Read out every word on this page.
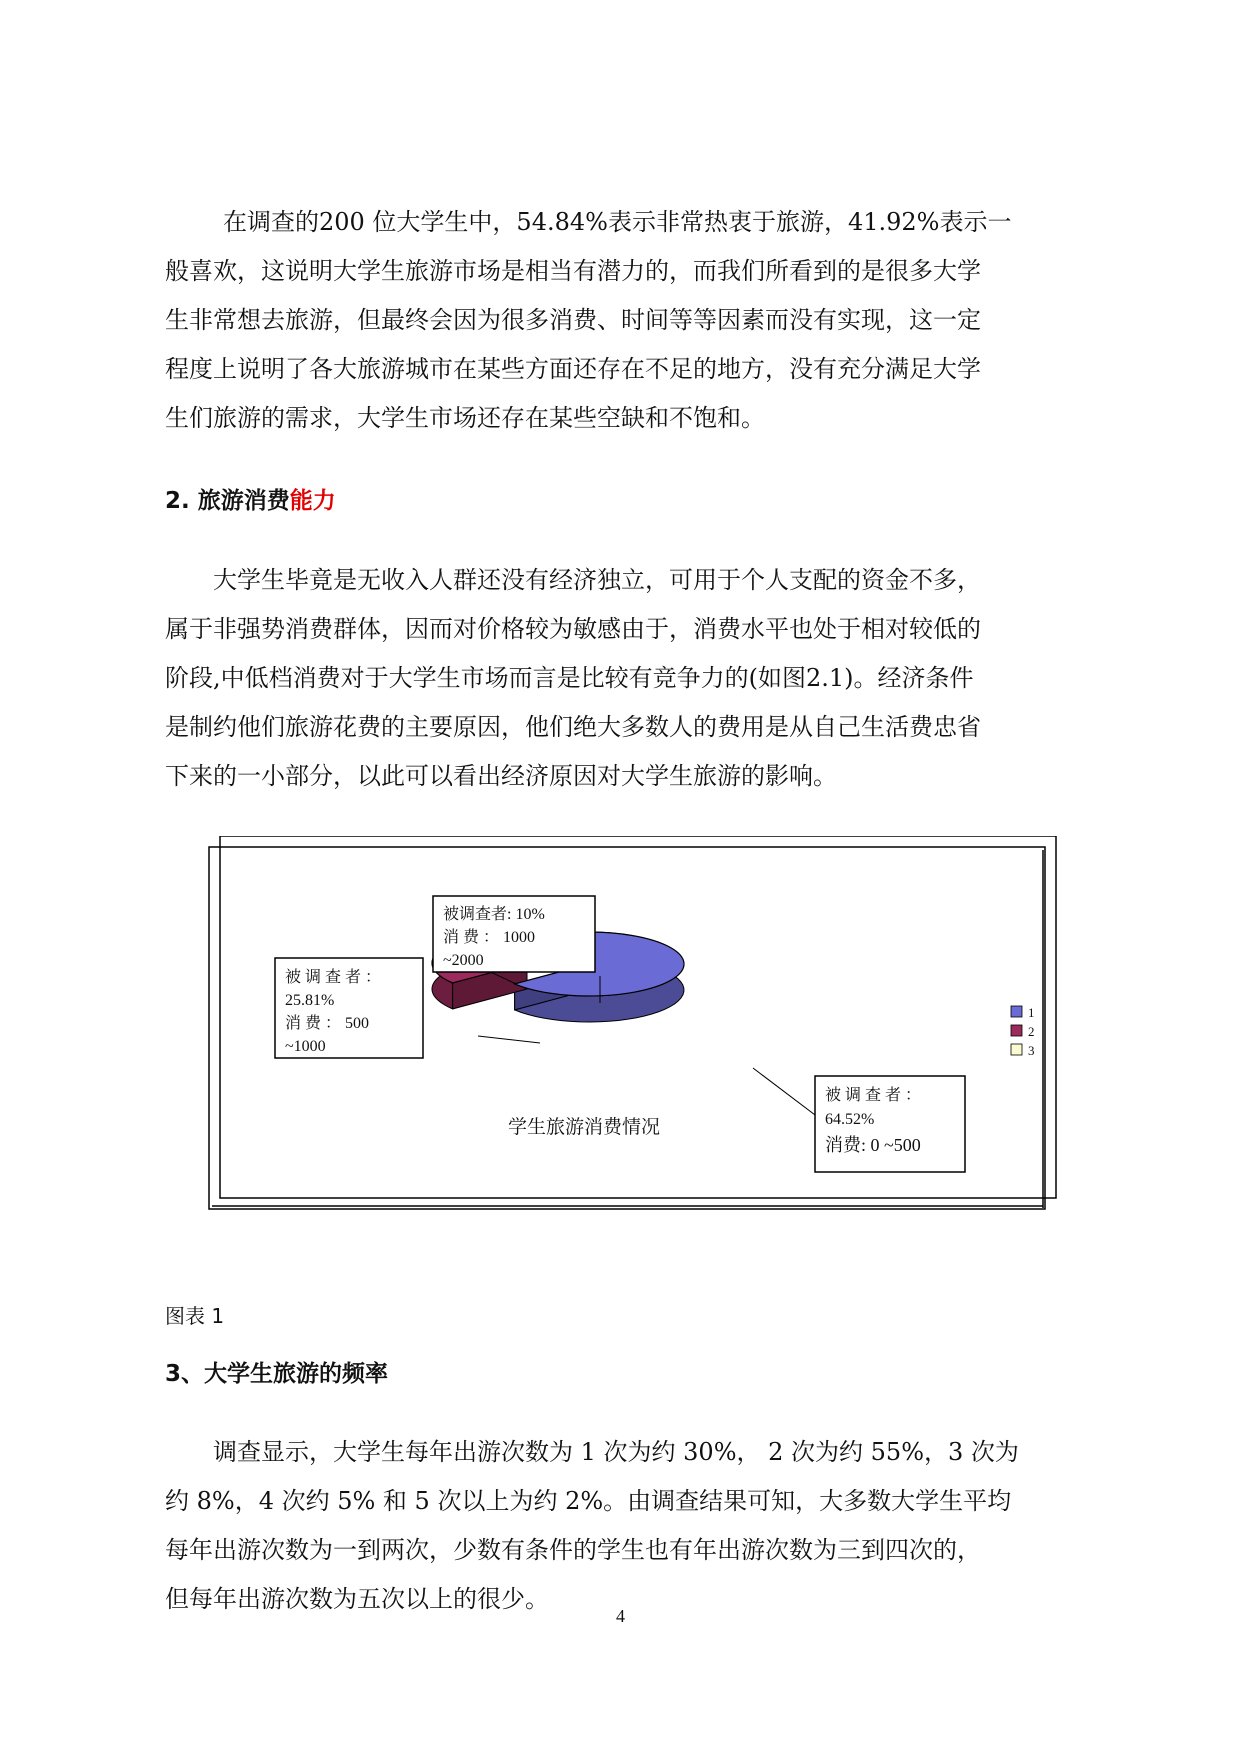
在调查的200 位大学生中，54.84%表示非常热衷于旅游，41.92%表示一
般喜欢，这说明大学生旅游市场是相当有潜力的，而我们所看到的是很多大学
生非常想去旅游，但最终会因为很多消费、时间等等因素而没有实现，这一定
程度上说明了各大旅游城市在某些方面还存在不足的地方，没有充分满足大学
生们旅游的需求，大学生市场还存在某些空缺和不饱和。
2. 旅游消费能力
大学生毕竟是无收入人群还没有经济独立，可用于个人支配的资金不多，
属于非强势消费群体，因而对价格较为敏感由于，消费水平也处于相对较低的
阶段,中低档消费对于大学生市场而言是比较有竞争力的(如图2.1)。经济条件
是制约他们旅游花费的主要原因，他们绝大多数人的费用是从自己生活费忠省
下来的一小部分，以此可以看出经济原因对大学生旅游的影响。
被 调 查 者 ：
64.52%
消费: 0 ~500
被 调 查 者 ：
25.81%
消 费 ： 500
~1000
被调查者: 10%
消 费 ： 1000
~2000
学生旅游消费情况
1
2
3
图表 1
3、大学生旅游的频率
调查显示，大学生每年出游次数为 1 次为约 30%， 2 次为约 55%，3 次为
约 8%，4 次约 5% 和 5 次以上为约 2%。由调查结果可知，大多数大学生平均
每年出游次数为一到两次，少数有条件的学生也有年出游次数为三到四次的，
但每年出游次数为五次以上的很少。
4
